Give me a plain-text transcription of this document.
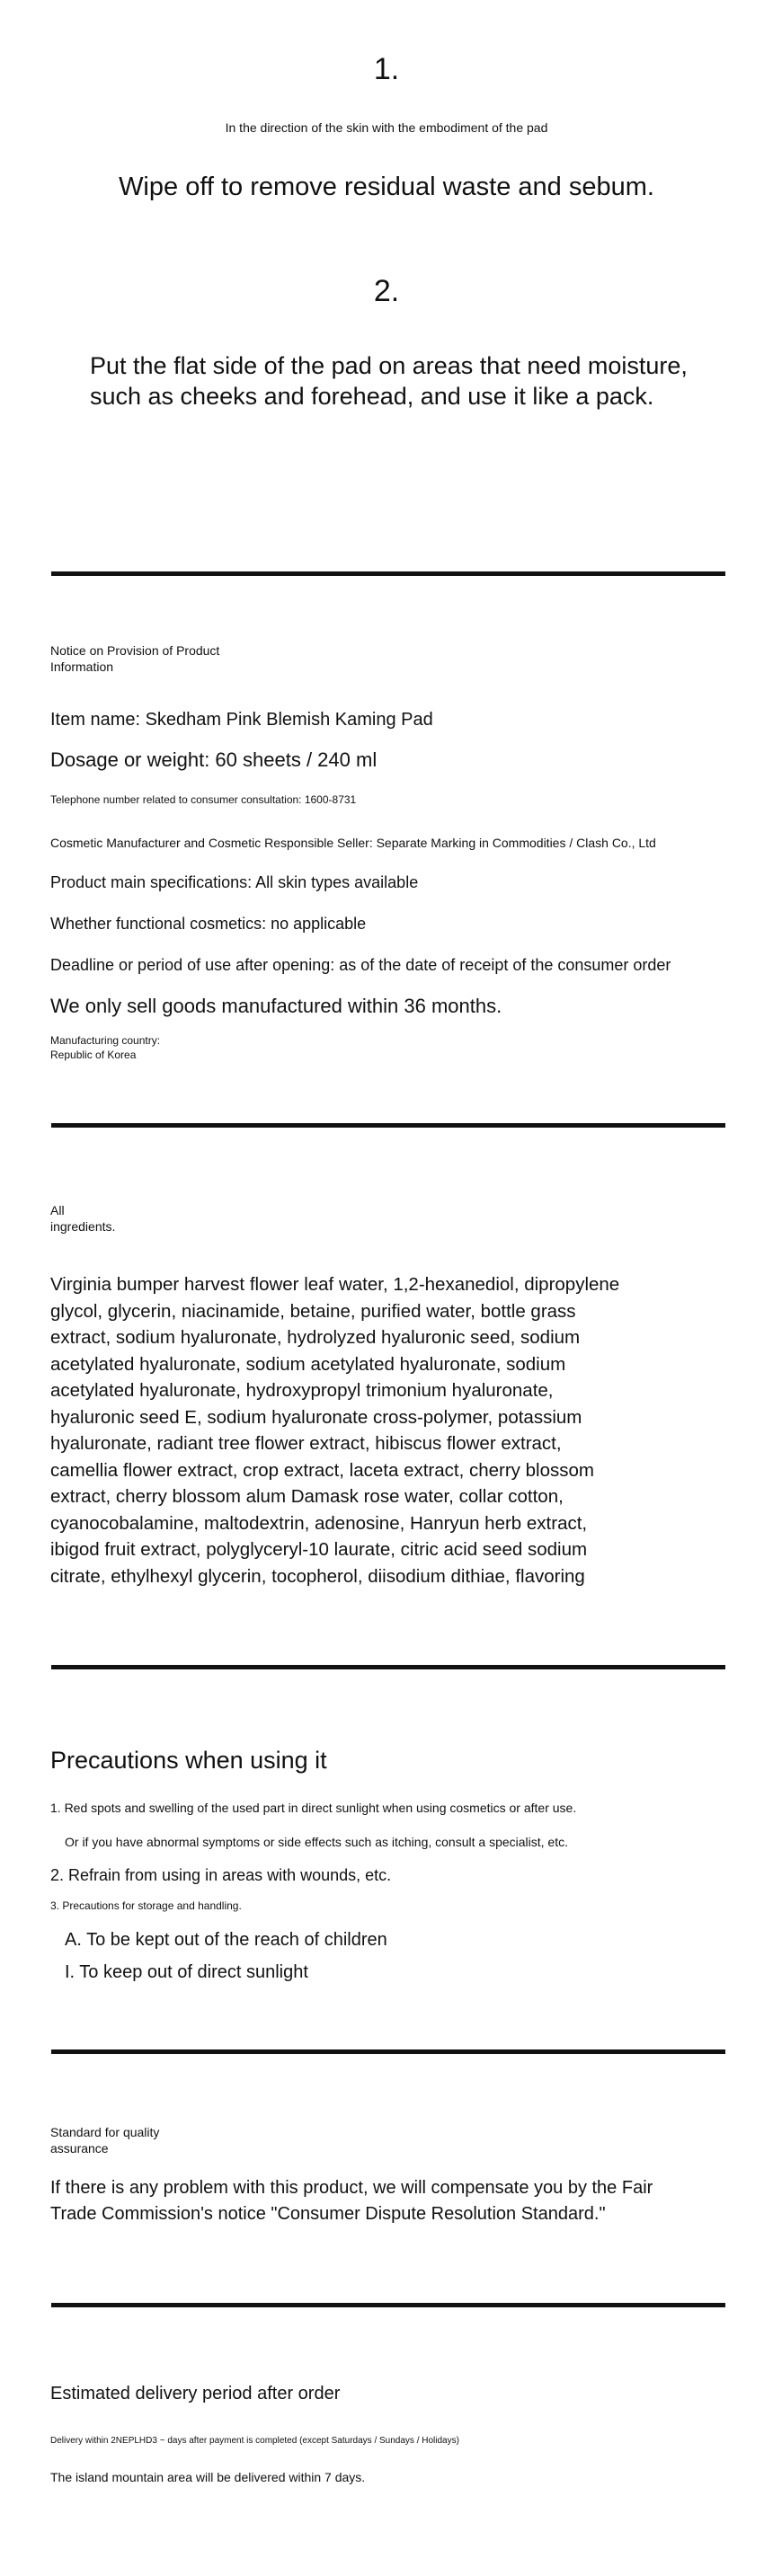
1.
In the direction of the skin with the embodiment of the pad
Wipe off to remove residual waste and sebum.
2.
Put the flat side of the pad on areas that need moisture,
such as cheeks and forehead, and use it like a pack.
Notice on Provision of Product
Information
Item name: Skedham Pink Blemish Kaming Pad
Dosage or weight: 60 sheets / 240 ml
Telephone number related to consumer consultation: 1600-8731
Cosmetic Manufacturer and Cosmetic Responsible Seller: Separate Marking in Commodities / Clash Co., Ltd
Product main specifications: All skin types available
Whether functional cosmetics: no applicable
Deadline or period of use after opening: as of the date of receipt of the consumer order
We only sell goods manufactured within 36 months.
Manufacturing country:
Republic of Korea
All
ingredients.
Virginia bumper harvest flower leaf water, 1,2-hexanediol, dipropylene
glycol, glycerin, niacinamide, betaine, purified water, bottle grass
extract, sodium hyaluronate, hydrolyzed hyaluronic seed, sodium
acetylated hyaluronate, sodium acetylated hyaluronate, sodium
acetylated hyaluronate, hydroxypropyl trimonium hyaluronate,
hyaluronic seed E, sodium hyaluronate cross-polymer, potassium
hyaluronate, radiant tree flower extract, hibiscus flower extract,
camellia flower extract, crop extract, laceta extract, cherry blossom
extract, cherry blossom alum Damask rose water, collar cotton,
cyanocobalamine, maltodextrin, adenosine, Hanryun herb extract,
ibigod fruit extract, polyglyceryl-10 laurate, citric acid seed sodium
citrate, ethylhexyl glycerin, tocopherol, diisodium dithiae, flavoring
Precautions when using it
1. Red spots and swelling of the used part in direct sunlight when using cosmetics or after use.
Or if you have abnormal symptoms or side effects such as itching, consult a specialist, etc.
2. Refrain from using in areas with wounds, etc.
3. Precautions for storage and handling.
A. To be kept out of the reach of children
I. To keep out of direct sunlight
Standard for quality
assurance
If there is any problem with this product, we will compensate you by the Fair
Trade Commission's notice "Consumer Dispute Resolution Standard."
Estimated delivery period after order
Delivery within 2NEPLHD3 ~ days after payment is completed (except Saturdays / Sundays / Holidays)
The island mountain area will be delivered within 7 days.
